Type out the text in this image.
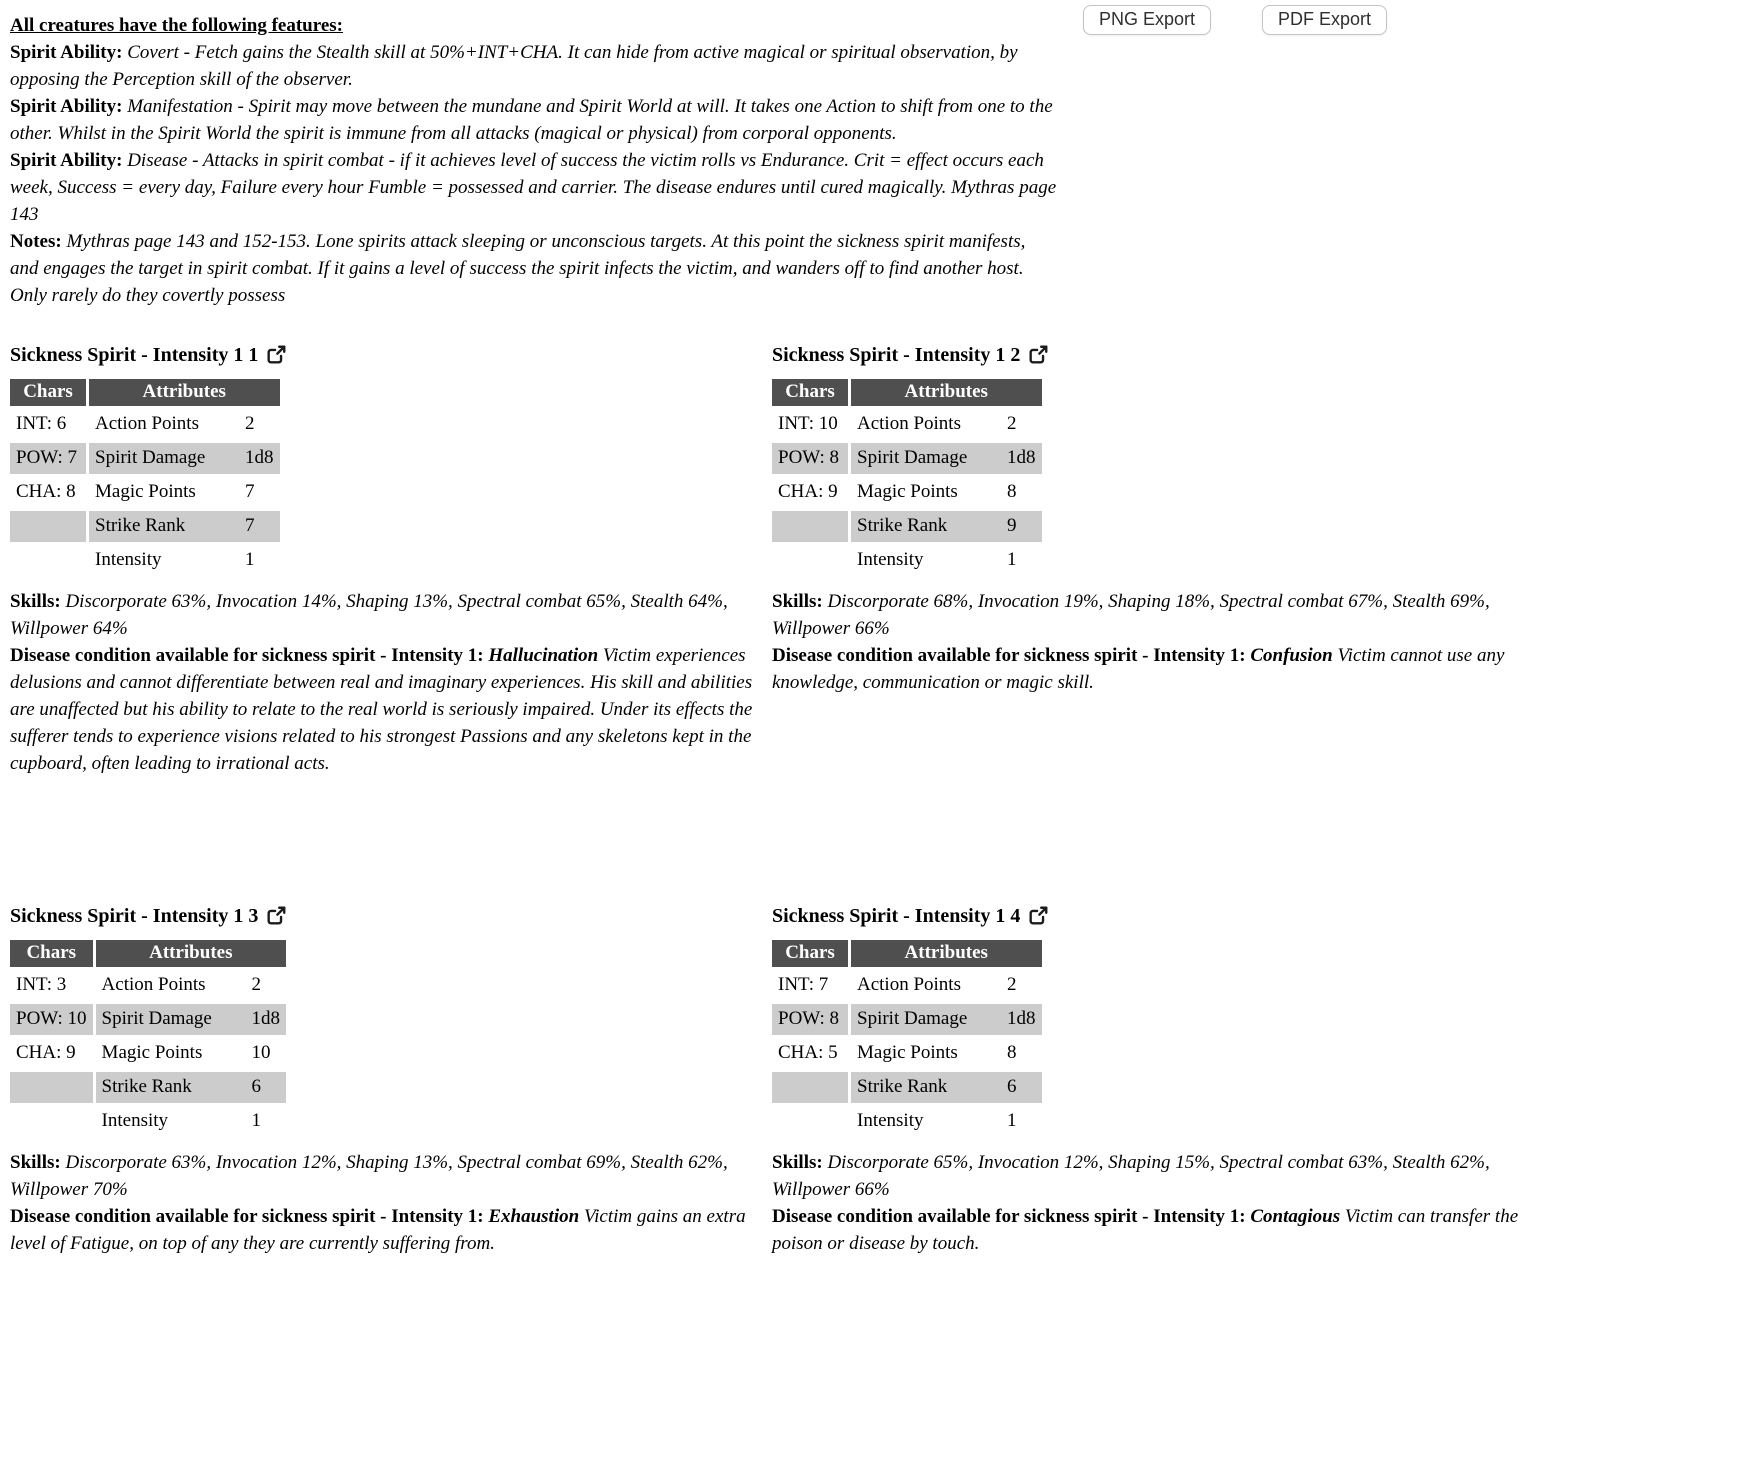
PNG Export	PDF Export

All creatures have the following features:

Spirit Ability: Covert - Fetch gains the Stealth skill at 50%+INT+CHA. It can hide from active magical or spiritual observation, by opposing the Perception skill of the observer.

Spirit Ability: Manifestation - Spirit may move between the mundane and Spirit World at will. It takes one Action to shift from one to the other. Whilst in the Spirit World the spirit is immune from all attacks (magical or physical) from corporal opponents.

Spirit Ability: Disease - Attacks in spirit combat - if it achieves level of success the victim rolls vs Endurance. Crit = effect occurs each week, Success = every day, Failure every hour Fumble = possessed and carrier. The disease endures until cured magically. Mythras page 143

Notes: Mythras page 143 and 152-153. Lone spirits attack sleeping or unconscious targets. At this point the sickness spirit manifests, and engages the target in spirit combat. If it gains a level of success the spirit infects the victim, and wanders off to find another host. Only rarely do they covertly possess

Sickness Spirit - Intensity 1 1
Chars	Attributes
INT: 6	Action Points 2
POW: 7	Spirit Damage 1d8
CHA: 8	Magic Points 7
	Strike Rank 7
	Intensity 1

Skills: Discorporate 63%, Invocation 14%, Shaping 13%, Spectral combat 65%, Stealth 64%, Willpower 64%

Disease condition available for sickness spirit - Intensity 1: Hallucination Victim experiences delusions and cannot differentiate between real and imaginary experiences. His skill and abilities are unaffected but his ability to relate to the real world is seriously impaired. Under its effects the sufferer tends to experience visions related to his strongest Passions and any skeletons kept in the cupboard, often leading to irrational acts.

Sickness Spirit - Intensity 1 2
Chars	Attributes
INT: 10	Action Points 2
POW: 8	Spirit Damage 1d8
CHA: 9	Magic Points 8
	Strike Rank 9
	Intensity 1

Skills: Discorporate 68%, Invocation 19%, Shaping 18%, Spectral combat 67%, Stealth 69%, Willpower 66%

Disease condition available for sickness spirit - Intensity 1: Confusion Victim cannot use any knowledge, communication or magic skill.

Sickness Spirit - Intensity 1 3
Chars	Attributes
INT: 3	Action Points 2
POW: 10	Spirit Damage 1d8
CHA: 9	Magic Points 10
	Strike Rank 6
	Intensity 1

Skills: Discorporate 63%, Invocation 12%, Shaping 13%, Spectral combat 69%, Stealth 62%, Willpower 70%

Disease condition available for sickness spirit - Intensity 1: Exhaustion Victim gains an extra level of Fatigue, on top of any they are currently suffering from.

Sickness Spirit - Intensity 1 4
Chars	Attributes
INT: 7	Action Points 2
POW: 8	Spirit Damage 1d8
CHA: 5	Magic Points 8
	Strike Rank 6
	Intensity 1

Skills: Discorporate 65%, Invocation 12%, Shaping 15%, Spectral combat 63%, Stealth 62%, Willpower 66%

Disease condition available for sickness spirit - Intensity 1: Contagious Victim can transfer the poison or disease by touch.
